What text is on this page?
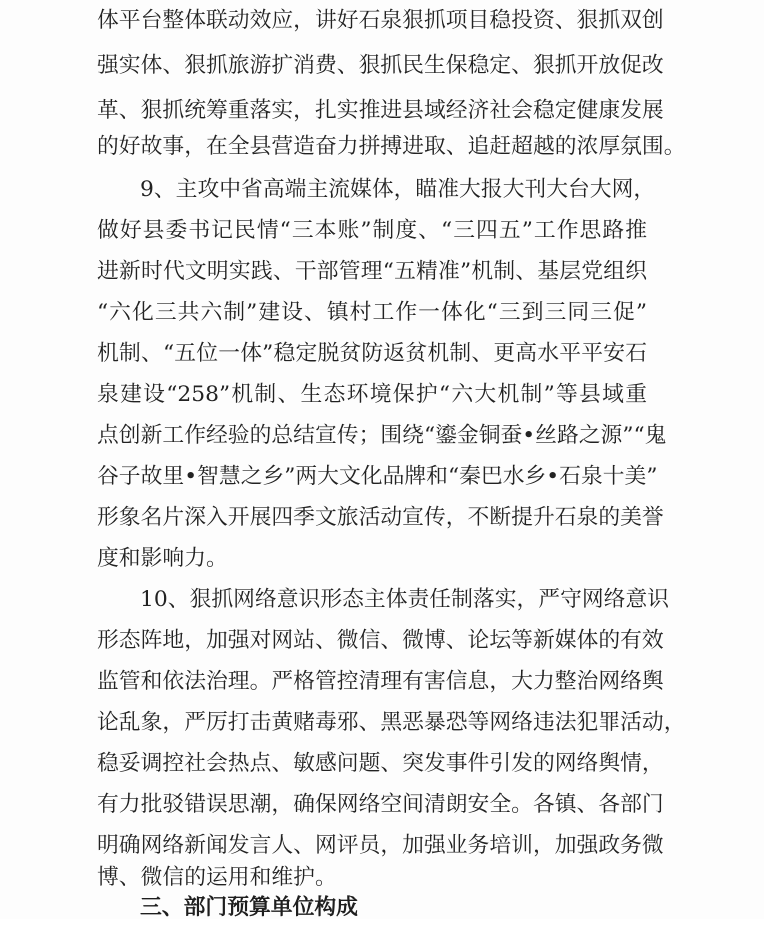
体平台整体联动效应，讲好石泉狠抓项目稳投资、狠抓双创
强实体、狠抓旅游扩消费、狠抓民生保稳定、狠抓开放促改
革、狠抓统筹重落实，扎实推进县域经济社会稳定健康发展
的好故事，在全县营造奋力拼搏进取、追赶超越的浓厚氛围。
9、主攻中省高端主流媒体，瞄准大报大刊大台大网，
做好县委书记民情“三本账”制度、“三四五”工作思路推
进新时代文明实践、干部管理“五精准”机制、基层党组织
“六化三共六制”建设、镇村工作一体化“三到三同三促”
机制、“五位一体”稳定脱贫防返贫机制、更高水平平安石
泉建设“258”机制、生态环境保护“六大机制”等县域重
点创新工作经验的总结宣传；围绕“鎏金铜蚕•丝路之源”“鬼
谷子故里•智慧之乡”两大文化品牌和“秦巴水乡•石泉十美”
形象名片深入开展四季文旅活动宣传，不断提升石泉的美誉
度和影响力。
10、狠抓网络意识形态主体责任制落实，严守网络意识
形态阵地，加强对网站、微信、微博、论坛等新媒体的有效
监管和依法治理。严格管控清理有害信息，大力整治网络舆
论乱象，严厉打击黄赌毒邪、黑恶暴恐等网络违法犯罪活动，
稳妥调控社会热点、敏感问题、突发事件引发的网络舆情，
有力批驳错误思潮，确保网络空间清朗安全。各镇、各部门
明确网络新闻发言人、网评员，加强业务培训，加强政务微
三、部门预算单位构成
博、微信的运用和维护。
